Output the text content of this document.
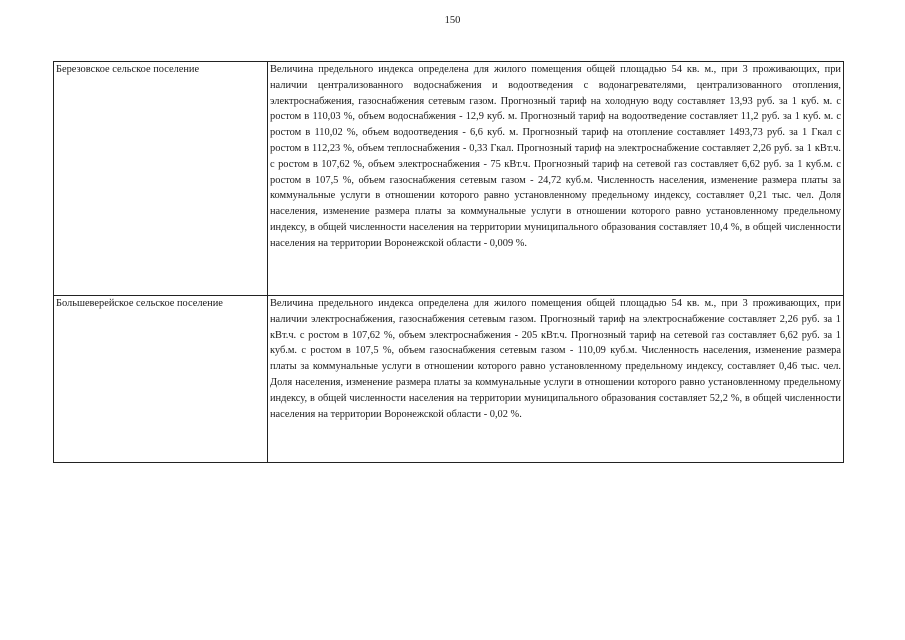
150
Березовское сельское поселение	Величина предельного индекса определена для жилого помещения общей площадью 54 кв. м., при 3 проживающих, при наличии централизованного водоснабжения и водоотведения с водонагревателями, централизованного отопления, электроснабжения, газоснабжения сетевым газом. Прогнозный тариф на холодную воду составляет 13,93 руб. за 1 куб. м. с ростом в 110,03 %, объем водоснабжения - 12,9 куб. м. Прогнозный тариф на водоотведение составляет 11,2 руб. за 1 куб. м. с ростом в 110,02 %, объем водоотведения - 6,6 куб. м. Прогнозный тариф на отопление составляет 1493,73 руб. за 1 Гкал с ростом в 112,23 %, объем теплоснабжения - 0,33 Гкал. Прогнозный тариф на электроснабжение составляет 2,26 руб. за 1 кВт.ч. с ростом в 107,62 %, объем электроснабжения - 75 кВт.ч. Прогнозный тариф на сетевой газ составляет 6,62 руб. за 1 куб.м. с ростом в 107,5 %, объем газоснабжения сетевым газом - 24,72 куб.м. Численность населения, изменение размера платы за коммунальные услуги в отношении которого равно установленному предельному индексу, составляет 0,21 тыс. чел. Доля населения, изменение размера платы за коммунальные услуги в отношении которого равно установленному предельному индексу, в общей численности населения на территории муниципального образования составляет 10,4 %, в общей численности населения на территории Воронежской области - 0,009 %.
Большеверейское сельское поселение	Величина предельного индекса определена для жилого помещения общей площадью 54 кв. м., при 3 проживающих, при наличии электроснабжения, газоснабжения сетевым газом. Прогнозный тариф на электроснабжение составляет 2,26 руб. за 1 кВт.ч. с ростом в 107,62 %, объем электроснабжения - 205 кВт.ч. Прогнозный тариф на сетевой газ составляет 6,62 руб. за 1 куб.м. с ростом в 107,5 %, объем газоснабжения сетевым газом - 110,09 куб.м. Численность населения, изменение размера платы за коммунальные услуги в отношении которого равно установленному предельному индексу, составляет 0,46 тыс. чел. Доля населения, изменение размера платы за коммунальные услуги в отношении которого равно установленному предельному индексу, в общей численности населения на территории муниципального образования составляет 52,2 %, в общей численности населения на территории Воронежской области - 0,02 %.
